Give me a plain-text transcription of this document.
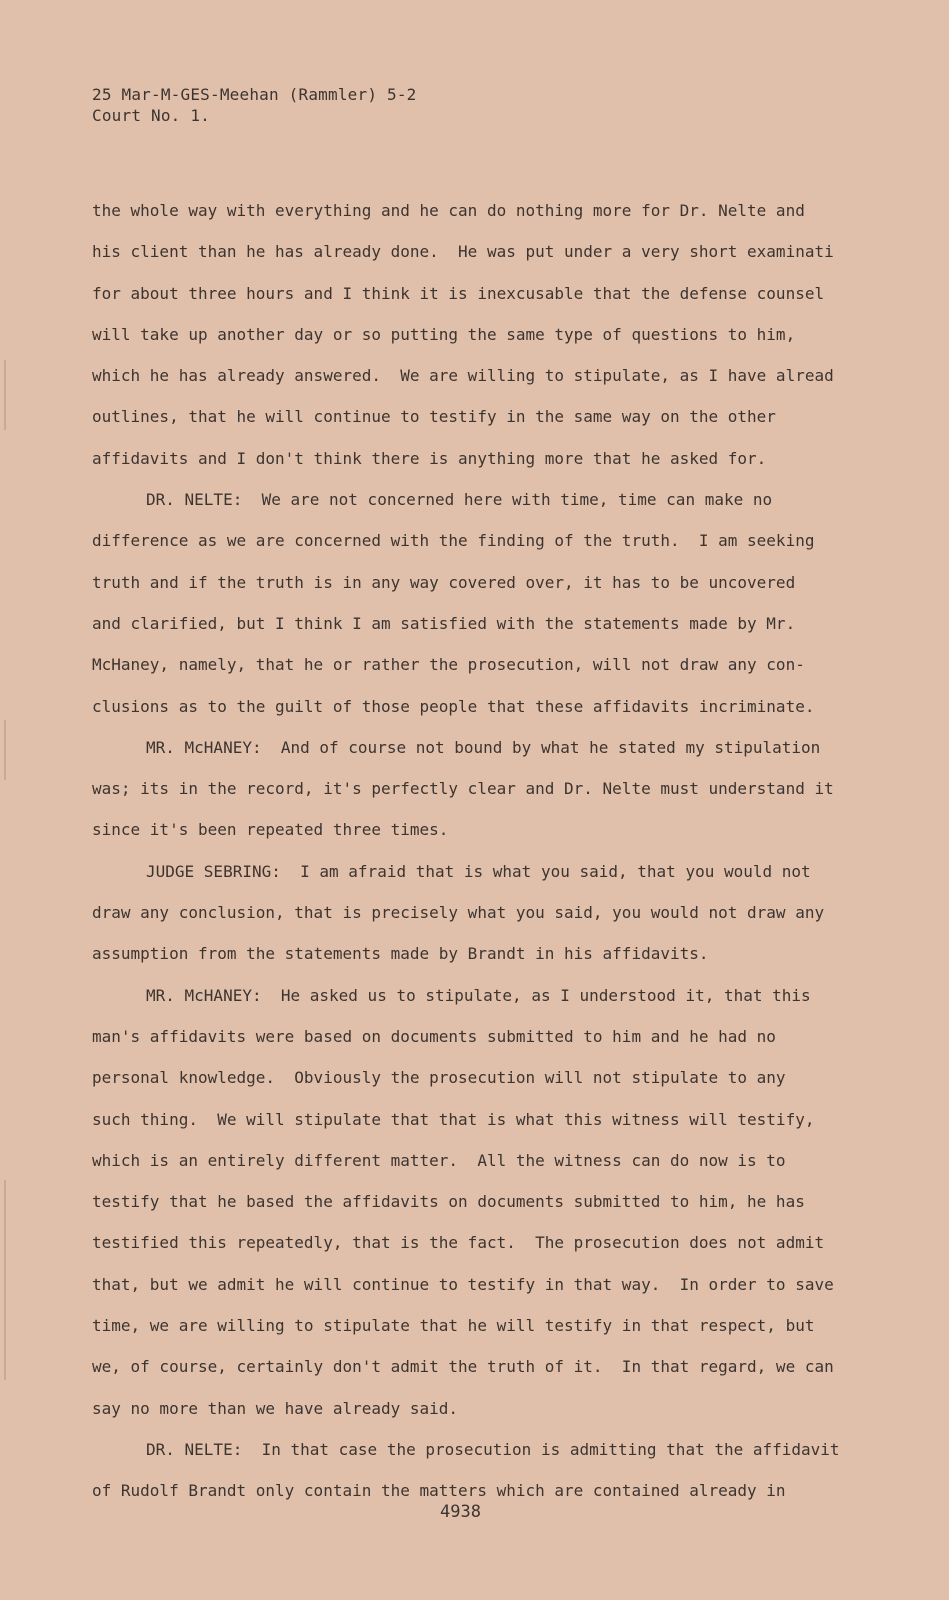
25 Mar-M-GES-Meehan (Rammler) 5-2
Court No. 1.
the whole way with everything and he can do nothing more for Dr. Nelte and
his client than he has already done.  He was put under a very short examinati
for about three hours and I think it is inexcusable that the defense counsel
will take up another day or so putting the same type of questions to him,
which he has already answered.  We are willing to stipulate, as I have alread
outlines, that he will continue to testify in the same way on the other
affidavits and I don't think there is anything more that he asked for.
DR. NELTE:  We are not concerned here with time, time can make no
difference as we are concerned with the finding of the truth.  I am seeking
truth and if the truth is in any way covered over, it has to be uncovered
and clarified, but I think I am satisfied with the statements made by Mr.
McHaney, namely, that he or rather the prosecution, will not draw any con-
clusions as to the guilt of those people that these affidavits incriminate.
MR. McHANEY:  And of course not bound by what he stated my stipulation
was; its in the record, it's perfectly clear and Dr. Nelte must understand it
since it's been repeated three times.
JUDGE SEBRING:  I am afraid that is what you said, that you would not
draw any conclusion, that is precisely what you said, you would not draw any
assumption from the statements made by Brandt in his affidavits.
MR. McHANEY:  He asked us to stipulate, as I understood it, that this
man's affidavits were based on documents submitted to him and he had no
personal knowledge.  Obviously the prosecution will not stipulate to any
such thing.  We will stipulate that that is what this witness will testify,
which is an entirely different matter.  All the witness can do now is to
testify that he based the affidavits on documents submitted to him, he has
testified this repeatedly, that is the fact.  The prosecution does not admit
that, but we admit he will continue to testify in that way.  In order to save
time, we are willing to stipulate that he will testify in that respect, but
we, of course, certainly don't admit the truth of it.  In that regard, we can
say no more than we have already said.
DR. NELTE:  In that case the prosecution is admitting that the affidavit
of Rudolf Brandt only contain the matters which are contained already in
4938
